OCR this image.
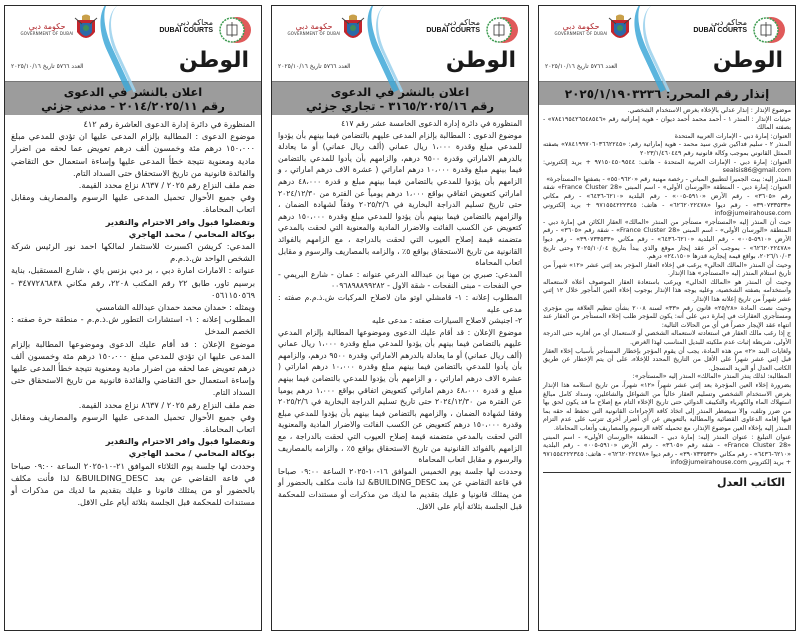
حكومة دبي
GOVERNMENT OF DUBAI
محاكم دبي
DUBAI COURTS
الوطن
العدد ٥٧٦٦ تاريخ ٢٠٢٥/١٠/١٦
اعلان بالنشر في الدعوى
رقم ٢٠١٤/٢٠٢٥/١١ - مدني جزئي

المنظورة في دائرة إدارة الدعوى العاشرة رقم ٤١٢

موضوع الدعوى : المطالبة بإلزام المدعى عليها ان تؤدي للمدعي مبلغ ١٥٠،٠٠٠ درهم مئة وخمسون ألف درهم تعويض عما لحقه من اضرار مادية ومعنوية نتيجة خطأ المدعى عليها وإساءة استعمال حق التقاضي والفائدة قانونية من تاريخ الاستحقاق حتى السداد التام.

ضم ملف النزاع رقم ٢٠٢٥ / ٨٦٣٧ نزاع محدد القيمة.

وفي جميع الأحوال تحميل المدعى عليها الرسوم والمصاريف ومقابل اتعاب المحاماة.

وتفضلوا قبول وافر الاحترام والتقدير

بوكالة المحامي / محمد الهاجري

المدعي: كريشن اكسبرت للاستثمار لمالكها احمد نور الرئيس شركة الشخص الواحد ش.ذ.م.م

عنوانه : الامارات امارة دبي ، بر دبي بزنس باي ، شارع المستقبل، بناية برسيم تاور، طابق ٢٢ رقم المكتب ٢٢٠٨، رقم مكاني ٣٤٧٧٢٨٦٨٣٨ - ٠٥٦١١٥٠٥٦٩

ويمثله : حمدان محمد حمدان عبدالله الشامسي

المطلوب إعلانه : ١- استشارات التطور ش.ذ.م.م - منطقة حرة صفته : الخصم المدخل

موضوع الإعلان : قد أقام عليك الدعوى وموضوعها المطالبة بإلزام المدعى عليها ان تؤدي للمدعي مبلغ ١٥٠،٠٠٠ درهم مئة وخمسون ألف درهم تعويض عما لحقه من اضرار مادية ومعنوية نتيجة خطأ المدعى عليها وإساءة استعمال حق التقاضي والفائدة قانونية من تاريخ الاستحقاق حتى السداد التام.

ضم ملف النزاع رقم ٢٠٢٥ / ٨٦٣٧ نزاع محدد القيمة.

وفي جميع الأحوال تحميل المدعى عليها الرسوم والمصاريف ومقابل اتعاب المحاماة.

وتفضلوا قبول وافر الاحترام والتقدير

بوكالة المحامي / محمد الهاجري

وحددت لها جلسة يوم الثلاثاء الموافق ٢١-١٠-٢٠٢٥ الساعة ٠٩:٠٠ صباحا في قاعة التقاضي عن بعد BUILDING_DESC& لذا فأنت مكلف بالحضور أو من يمثلك قانونا و عليك بتقديم ما لديك من مذكرات أو مستندات للمحكمة قبل الجلسة بثلاثة أيام على الاقل.

حكومة دبي
GOVERNMENT OF DUBAI
محاكم دبي
DUBAI COURTS
الوطن
العدد ٥٧٦٦ تاريخ ٢٠٢٥/١٠/١٦
اعلان بالنشر في الدعوى
رقم ٣١٦٥/٢٠٢٥/١٦ - تجاري جزئي

المنظورة في دائرة إدارة الدعوى الخامسة عشر رقم ٤١٧

موضوع الدعوى : المطالبة بإلزام المدعى عليهم بالتضامن فيما بينهم بأن يؤدوا للمدعي مبلغ وقدرة ١،٠٠٠ ريال عماني (ألف ريال عماني) أو ما يعادلة بالدرهم الاماراتي وقدرة ٩٥٠٠ درهم، والزامهم بأن يأدوا للمدعي بالتضامن فيما بينهم مبلغ وقدرة ١٠،٠٠٠ درهم اماراتي ( عشرة الاف درهم اماراتي ، و الزامهم بأن يؤدوا للمدعي بالتضامن فيما بينهم مبلغ و قدرة ٤٨،٠٠٠ درهم اماراتي كتعويض اتفاقي بواقع ١،٠٠٠ درهم يومياً عن الفترة من ٢٠٢٤/١٢/٣٠ حتى تاريخ تسليم الدراجة البخارية في ٢٠٢٥/٢/٦ وفقاً لشهادة الضمان ، والزامهم بالتضامن فيما بينهم بأن يؤدوا للمدعي مبلغ وقدرة ١٥٠،٠٠٠ درهم كتعويض عن الكسب الفائت والاضرار المادية والمعنوية التي لحقت بالمدعي متضمنه قيمة إصلاح العيوب التي لحقت بالدراجة ، مع الزامهم بالفوائد القانونية من تاريخ الاستحقاق بواقع ٥٪ ، والزامه بالمصاريف والرسوم و مقابل اتعاب المحاماة

المدعي: صبري بن مهنا بن عبدالله الدرعي عنوانه : عمان - شارع البريمي - حي النفحات - مبنى النفحات - شقة الاول - ٠٠٩٦٨٩٨٨٩٩٢٨٢

المطلوب إعلانه : ١- قامشلي اوتو مان لاصلاح المركبات ش.ذ.م.م صفته : مدعى عليه

٢- اجنيشن لاصلاح السيارات صفته : مدعى عليه

موضوع الإعلان : قد أقام عليك الدعوى وموضوعها المطالبة بإلزام المدعي عليهم بالتضامن فيما بينهم بأن يؤدوا للمدعي مبلغ وقدرة ١،٠٠٠ ريال عماني (ألف ريال عماني) أو ما يعادلة بالدرهم الاماراتي وقدرة ٩٥٠٠ درهم، والزامهم بأن يأدوا للمدعي بالتضامن فيما بينهم مبلغ وقدرة ١٠،٠٠٠ درهم اماراتي ( عشرة الاف درهم اماراتي ، و الزامهم بأن يؤدوا للمدعي بالتضامن فيما بينهم مبلغ و قدرة ٤٨،٠٠٠ درهم اماراتي كتعويض اتفاقي بواقع ١،٠٠٠ درهم يوميا عن الفترة من ٢٠٢٤/١٢/٣٠ حتى تاريخ تسليم الدراجة البخارية في ٢٠٢٥/٢/٦ وفقا لشهادة الضمان ، والزامهم بالتضامن فيما بينهم بأن يؤدوا للمدعي مبلغ وقدرة ١٥٠،٠٠٠ درهم كتعويض عن الكسب الفائت والاضرار المادية والمعنوية التي لحقت بالمدعي متضمنه قيمة إصلاح العيوب التي لحقت بالدراجة ، مع الزامهم بالفوائد القانونية من تاريخ الاستحقاق بواقع ٥٪ ، والزامه بالمصاريف والرسوم و مقابل اتعاب المحاماة

وحددت لها جلسة يوم الخميس الموافق ١٦-١٠-٢٠٢٥ الساعة ٠٩:٠٠ صباحا في قاعة التقاضي عن بعد BUILDING_DESC& لذا فأنت مكلف بالحضور أو من يمثلك قانونيا و عليك بتقديم ما لديك من مذكرات أو مستندات للمحكمة قبل الجلسة بثلاثة أيام على الاقل.

حكومة دبي
GOVERNMENT OF DUBAI
محاكم دبي
DUBAI COURTS
الوطن
العدد ٥٧٦٦ تاريخ ٢٠٢٥/١٠/١٦
إنذار رقم المحرر: ٢٠٢٥/١/١٩٠٣٢٣٦

موضوع الإنذار : إنذار عدلي بالإخلاء بغرض الاستخدام الشخصي.

حيثيات الإنذار : المنذر ١ - أحمد محمد أحمد ديوان - هوية إماراتية رقم «٧٨٤١٩٥٤٢٦٥٤٨٥٤٦» - بصفته المالك

العنوان: إمارة دبي - الإمارات العربية المتحدة

المنذر ٢ - سليم فداكين شري سيد محمد - هوية إماراتية رقم: «٧٨٤١٩٩٧٠٦٠٣٦٦٢٢٤٥» بصفته الممثل القانوني بموجب وكالة قانونية رقم ٢٠٢٣/١/٤٦٠٤٤٩

العنوان: إمارة دبي - الإمارات العربية المتحدة - هاتف: ٩٧١٥٠٤٥٠٩٥٤٤ + بريد إلكتروني: sealsis86@gmail.com

المنذر إليه: بيت الجميرا لتطبيق المباني - رخصة مهنية رقم «٥٥٠٩٦٢٠» - بصفتها «المستأجرة»

العنوان: إمارة دبي - المنطقة «الورسان الأولى» - اسم المبنى «France Cluster 28» شقة رقم «٣٦٠٥» - رقم الأرض «٥٩١٠-٠٠٥» - رقم البلدية «٦٢١٠-٦٤٣٦» - رقم مكاني «٣٩٠٧٣٣٥٣٣» - رقم ديوا «٦٢٦٢٠٢٢٤٧٨» - هاتف: ٩٧١٥٥٤٢٢٢٣٤٥ + بريد إلكتروني info@jumeirahouse.com

حيث أن المنذر إليه «المستأجر» مستأجر من المنذر «المالك» العقار الكائن في إمارة دبي - المنطقة «الورسان الأولى» - اسم المبنى «France Cluster 28» - شقة رقم «٣٦٠٥» - رقم الأرض «٥٩١٠-٠٠٥» - رقم البلدية «٦٢١٠-٦٤٣٦» - رقم مكاني «٣٩٠٧٣٣٥٣٣» - رقم ديوا «٦٢٦٢٠٢٢٤٧٨» - بموجب آخر عقد إيجار موقع والذي يبدأ بتاريخ ٢٠٢٥/١٠/٠٤ وحتى تاريخ ٢٠٢٦/١٠/٠٣، بواقع قيمة إيجارية قدرها «٢٤،١٥٠» درهم.

وحيث أن المنذر «المالك الحالي» يرغب في إخلاء العقار المؤجر بعد إثني عشر «١٢» شهراً من تاريخ استلام المنذر إليه «المستأجر» هذا الإنذار.

وحيث أن المنذر هو «المالك الحالي» ويرغب باستعادة العقار الموصوف أعلاه لاستعماله واستخدامه بصفته الشخصية، وعليه يوجه هذا الإنذار بوجوب إخلاء العين المأجور خلال ١٢ إثني عشر شهراً من تاريخ إعلانه هذا الإنذار.

وحيث نصت المادة «٢٥/٢٨» قانون رقم «٣٣» لسنة ٢٠٠٨ بشأن تنظيم العلاقة بين مؤجري ومستأجري العقارات في إمارة دبي على أنه: يكون للمؤجر طلب إخلاء المستأجر من العقار عند انتهاء عقد الإيجار حصراً في أي من الحالات التالية:

ج إذا رغب مالك العقار في استعادته لاستعماله الشخصي أو لاستعمال أي من أقاربه حتى الدرجة الأولى، شريطة إثبات عدم ملكيته للبديل المناسب لهذا الغرض.

ولغايات البند «٢» من هذه المادة، يجب أن يقوم المؤجر بإخطار المستأجر بأسباب إخلاء العقار قبل إثني عشر شهراً على الأقل من التاريخ المحدد للإخلاء، على أن يتم الإخطار عن طريق الكاتب العدل أو البريد المسجل.

المطالبة: لذلك ينذر المنذر «المالك» المنذر إليه «المستأجر»:

بضرورة إخلاء العين المؤجرة بعد إثني عشر شهراً «١٢» شهراً، من تاريخ استلامه هذا الإنذار بغرض الاستخدام الشخصي وتسليم العقار خالياً من الشواغل والشاغلين، وسداد كامل مبالغ استهلاك الماء والكهرباء والتكييف الدوائي حتى تاريخ الإخلاء التام مع إصلاح ما قد يكون لحق بها من ضرر وتلف، وإلا سيضطر المنذر إلى اتخاذ كافة الإجراءات القانونية التي تحفظ له حقه بما فيها إقامة الدعاوى القضائية والمطالبة بالتعويض عن أي أضرار أخرى تترتب على عدم التزام المنذر إليه بإخلاء العين موضوع الإنذار، مع تحميله كافة الرسوم والمصاريف وأتعاب المحاماة.

عنوان التبليغ : عنوان المنذر إليه: إمارة دبي - المنطقة «الورسان الأولى» - اسم المبنى «France Cluster 28» - شقة رقم «٣٦٠٥» - رقم الأرض «٥٩١٠-٠٠٥» - رقم البلدية «٦٢١٠-٦٤٣٦» - رقم مكاني «٣٩٠٧٣٣٥٣٣» - رقم ديوا «٦٢٦٢٠٢٢٤٧٨» - هاتف: ٩٧١٥٥٤٢٢٢٣٤٥ + بريد إلكتروني info@jumeirahouse.com

الكاتب العدل
